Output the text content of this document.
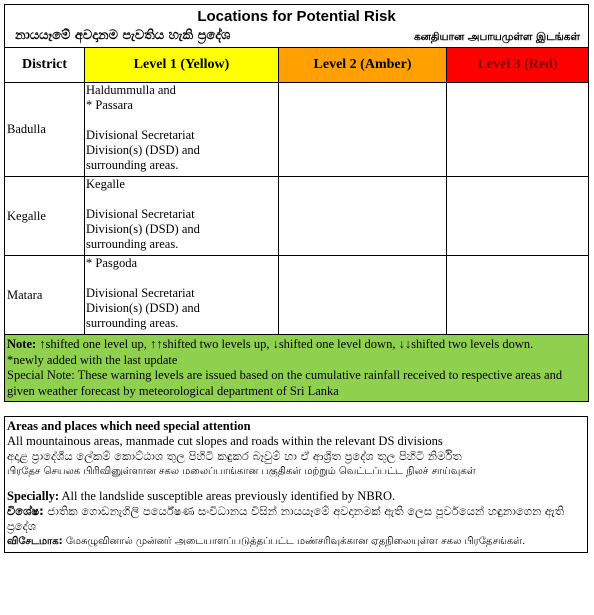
Locations for Potential Risk
නායයෑමේ අවදානම පැවතිය හැකි ප්‍රදේශ கனதியான அபாயமுள்ள இடங்கள்			

District	Level 1 (Yellow)	Level 2 (Amber)	Level 3 (Red)
Badulla	Haldummulla and
* Passara
Divisional Secretariat
Division(s) (DSD) and
surrounding areas.		

Kegalle	Kegalle
Divisional Secretariat
Division(s) (DSD) and
surrounding areas.		

Matara	* Pasgoda
Divisional Secretariat
Division(s) (DSD) and
surrounding areas.		

Note: ↑shifted one level up, ↑↑shifted two levels up, ↓shifted one level down, ↓↓shifted two levels down.
*newly added with the last update
Special Note: These warning levels are issued based on the cumulative rainfall received to respective areas and given weather forecast by meteorological department of Sri Lanka			
Areas and places which need special attention
All mountainous areas, manmade cut slopes and roads within the relevant DS divisions
අදාළ ප්‍රාදේශීය ලේකම් කොට්ඨාශ තුල පිහිටි කඳුකර බෑවුම් හා ඒ ආශ්‍රිත ප්‍රදේශ තුල පිහිටි නිර්මිත
பிரதேச செயலக பிரிவினுள்ளான சகல மலைப்பாங்கான பகுதிகள் மற்றும் வெட்டப்பட்ட நிலச் சாய்வுகள்
Specially: All the landslide susceptible areas previously identified by NBRO.
විශේෂ: ජාතික ගොඩනැගිලි පර්යේෂණ සංවිධානය විසින් නායයෑමේ අවදානමක් ඇති ලෙස පූර්වයෙන් හඳුනාගෙන ඇති ප්‍රදේශ
விசேடமாக: மேசுழுவினால் முன்னர் அடையாளப்படுத்தப்பட்ட மண்சரிவுக்கான ஏதநிலையுள்ள சகல பிரதேசங்கள்.
